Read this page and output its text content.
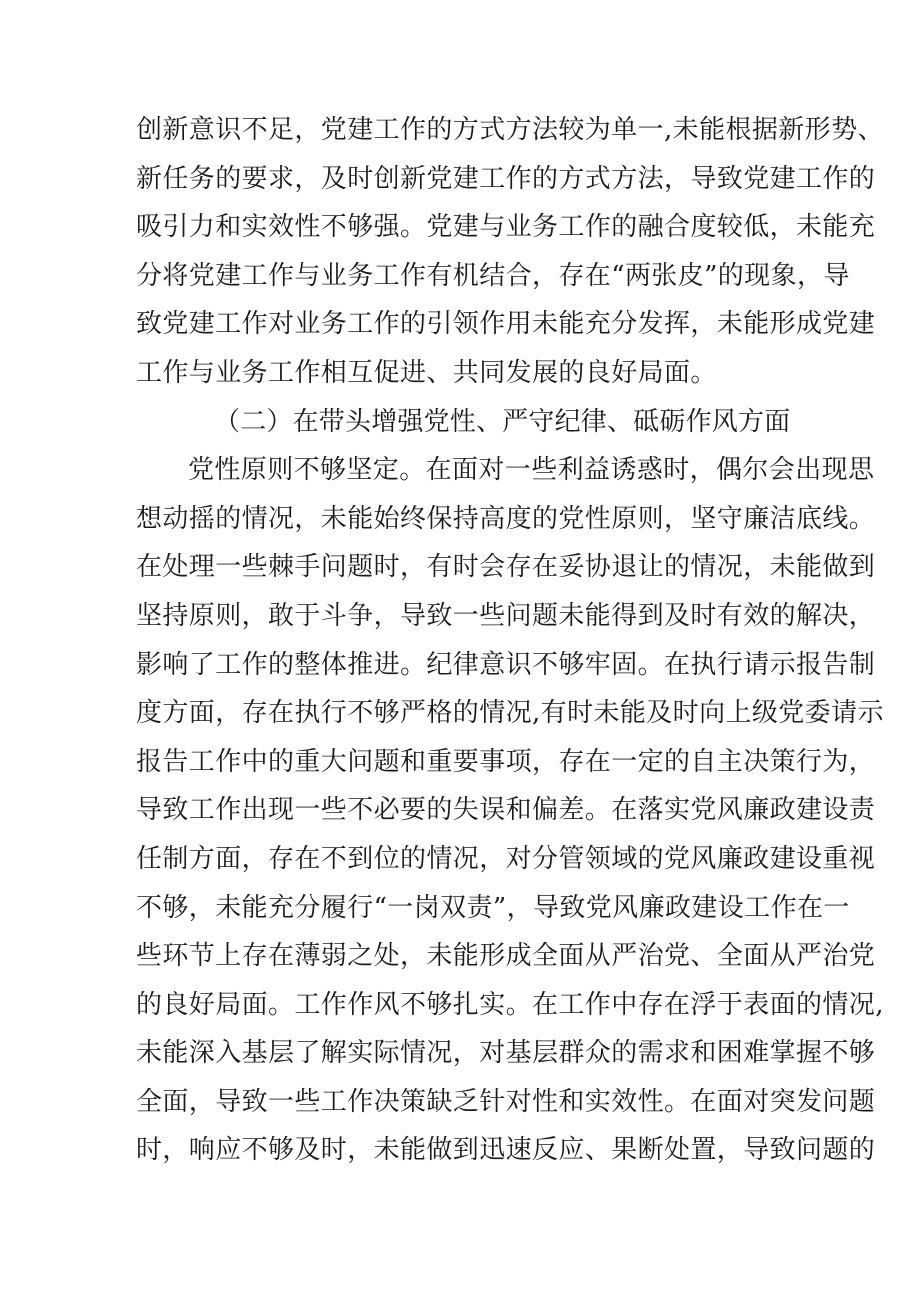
创新意识不足，党建工作的方式方法较为单一,未能根据新形势、
新任务的要求，及时创新党建工作的方式方法，导致党建工作的
吸引力和实效性不够强。党建与业务工作的融合度较低，未能充
分将党建工作与业务工作有机结合，存在“两张皮”的现象，导
致党建工作对业务工作的引领作用未能充分发挥，未能形成党建
工作与业务工作相互促进、共同发展的良好局面。
（二）在带头增强党性、严守纪律、砥砺作风方面
党性原则不够坚定。在面对一些利益诱惑时，偶尔会出现思
想动摇的情况，未能始终保持高度的党性原则，坚守廉洁底线。
在处理一些棘手问题时，有时会存在妥协退让的情况，未能做到
坚持原则，敢于斗争，导致一些问题未能得到及时有效的解决，
影响了工作的整体推进。纪律意识不够牢固。在执行请示报告制
度方面，存在执行不够严格的情况,有时未能及时向上级党委请示
报告工作中的重大问题和重要事项，存在一定的自主决策行为，
导致工作出现一些不必要的失误和偏差。在落实党风廉政建设责
任制方面，存在不到位的情况，对分管领域的党风廉政建设重视
不够，未能充分履行“一岗双责”，导致党风廉政建设工作在一
些环节上存在薄弱之处，未能形成全面从严治党、全面从严治党
的良好局面。工作作风不够扎实。在工作中存在浮于表面的情况,
未能深入基层了解实际情况，对基层群众的需求和困难掌握不够
全面，导致一些工作决策缺乏针对性和实效性。在面对突发问题
时，响应不够及时，未能做到迅速反应、果断处置，导致问题的
